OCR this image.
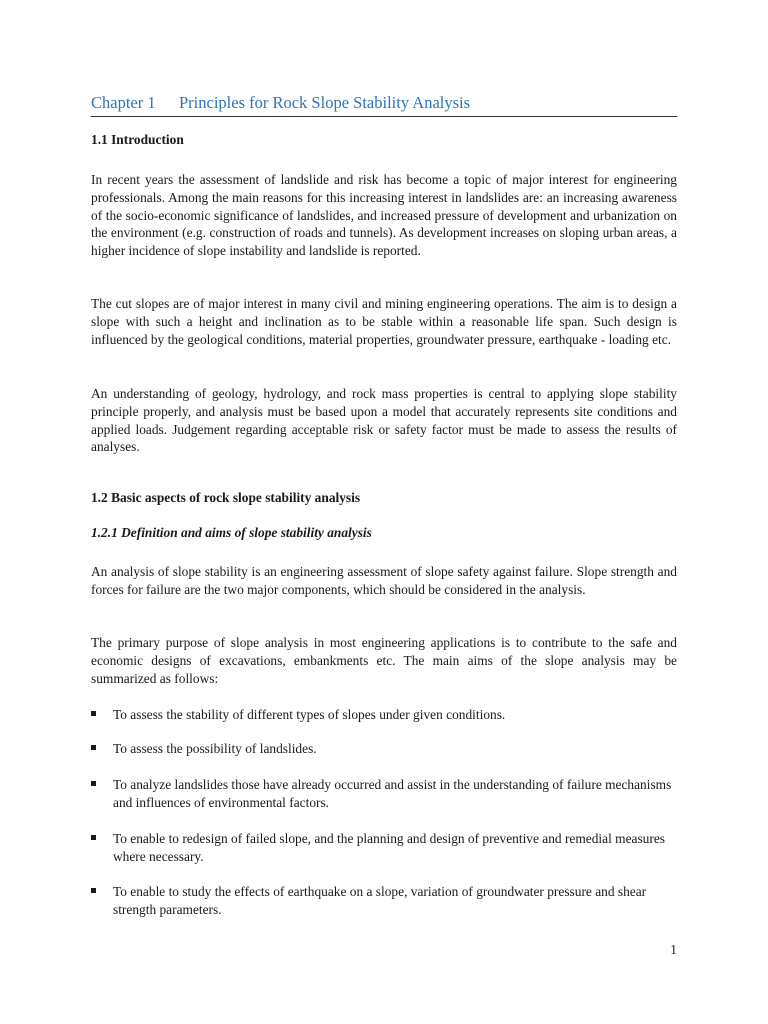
Chapter 1 Principles for Rock Slope Stability Analysis
1.1 Introduction
In recent years the assessment of landslide and risk has become a topic of major interest for engineering professionals. Among the main reasons for this increasing interest in landslides are: an increasing awareness of the socio-economic significance of landslides, and increased pressure of development and urbanization on the environment (e.g. construction of roads and tunnels). As development increases on sloping urban areas, a higher incidence of slope instability and landslide is reported.
The cut slopes are of major interest in many civil and mining engineering operations. The aim is to design a slope with such a height and inclination as to be stable within a reasonable life span. Such design is influenced by the geological conditions, material properties, groundwater pressure, earthquake - loading etc.
An understanding of geology, hydrology, and rock mass properties is central to applying slope stability principle properly, and analysis must be based upon a model that accurately represents site conditions and applied loads. Judgement regarding acceptable risk or safety factor must be made to assess the results of analyses.
1.2 Basic aspects of rock slope stability analysis
1.2.1 Definition and aims of slope stability analysis
An analysis of slope stability is an engineering assessment of slope safety against failure. Slope strength and forces for failure are the two major components, which should be considered in the analysis.
The primary purpose of slope analysis in most engineering applications is to contribute to the safe and economic designs of excavations, embankments etc. The main aims of the slope analysis may be summarized as follows:
To assess the stability of different types of slopes under given conditions.
To assess the possibility of landslides.
To analyze landslides those have already occurred and assist in the understanding of failure mechanisms and influences of environmental factors.
To enable to redesign of failed slope, and the planning and design of preventive and remedial measures where necessary.
To enable to study the effects of earthquake on a slope, variation of groundwater pressure and shear strength parameters.
1
